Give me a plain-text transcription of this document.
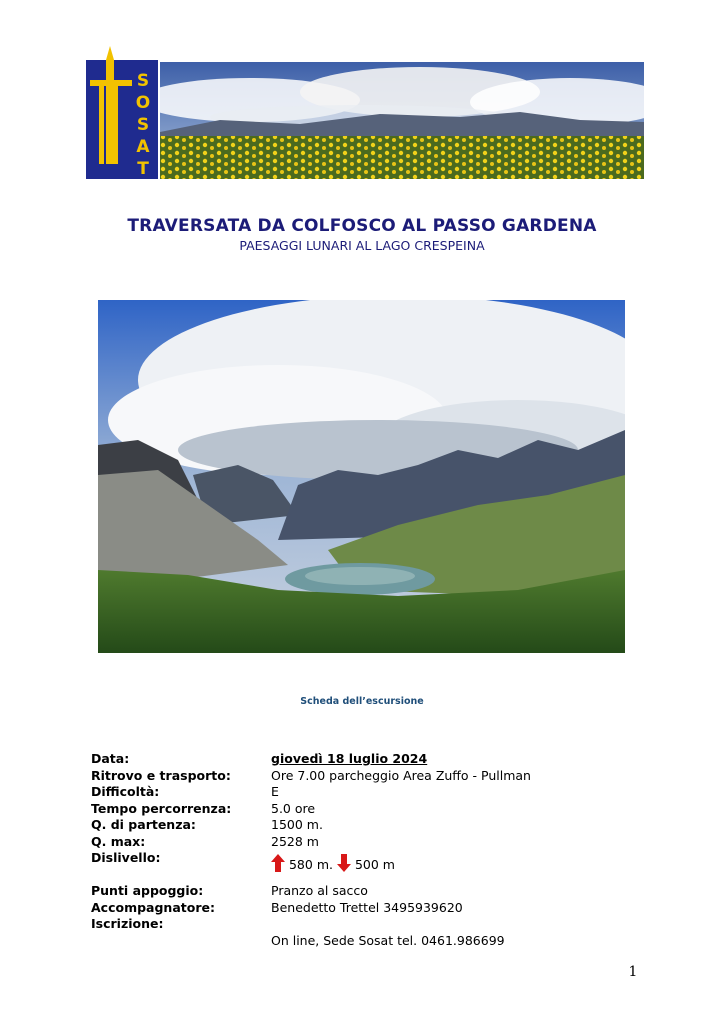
S
O
S
A
T
TRAVERSATA DA COLFOSCO AL PASSO GARDENA
PAESAGGI LUNARI AL LAGO CRESPEINA
Scheda dell’escursione
Data:	giovedì 18 luglio 2024
Ritrovo e trasporto:	Ore 7.00 parcheggio Area Zuffo - Pullman
Difficoltà:	E
Tempo percorrenza:	5.0 ore
Q. di partenza:	1500 m.
Q. max:	2528 m
Dislivello:	580 m. 500 m
Punti appoggio:	Pranzo al sacco
Accompagnatore:	Benedetto Trettel 3495939620
Iscrizione:
On line, Sede Sosat tel. 0461.986699
1
